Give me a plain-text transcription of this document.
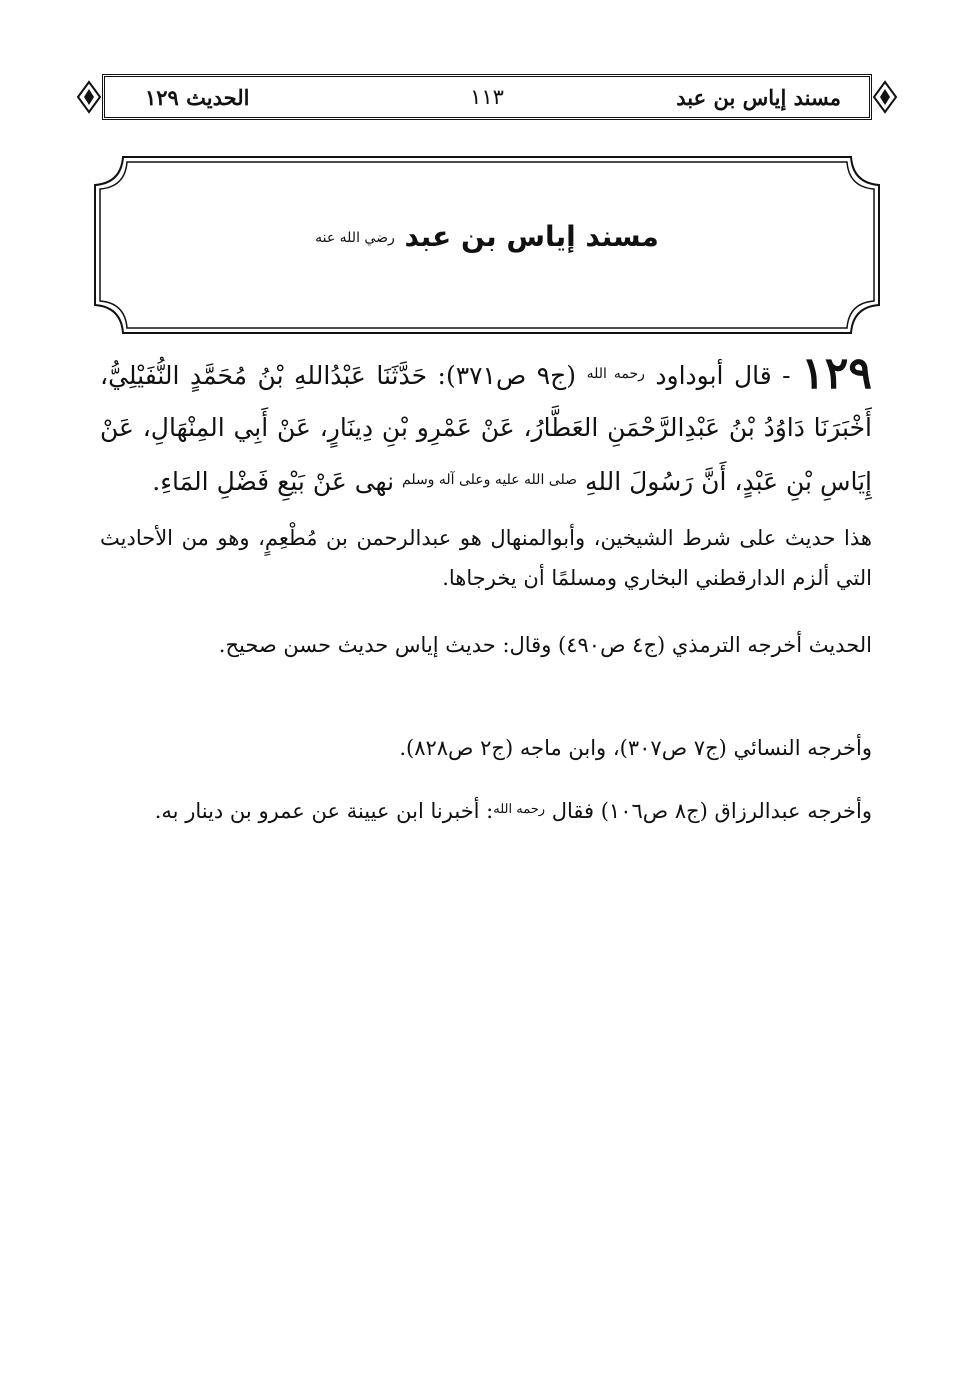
مسند إياس بن عبد
١١٣
الحديث ١٢٩
مسند إياس بن عبد رضي الله عنه
١٢٩ - قال أبوداود $^{رحمه الله}$ (ج٩ ص٣٧١): حَدَّثَنَا عَبْدُاللهِ بْنُ مُحَمَّدٍ النُّفَيْلِيُّ، أَخْبَرَنَا دَاوُدُ بْنُ عَبْدِالرَّحْمَنِ العَطَّارُ، عَنْ عَمْرِو بْنِ دِينَارٍ، عَنْ أَبِي المِنْهَالِ، عَنْ إِيَاسِ بْنِ عَبْدٍ، أَنَّ رَسُولَ اللهِ $^{صلى الله عليه وعلى آله وسلم}$ نهى عَنْ بَيْعِ فَضْلِ المَاءِ.

هذا حديث على شرط الشيخين، وأبوالمنهال هو عبدالرحمن بن مُطْعِمٍ، وهو من الأحاديث التي ألزم الدارقطني البخاري ومسلمًا أن يخرجاها.

الحديث أخرجه الترمذي (ج٤ ص٤٩٠) وقال: حديث إياس حديث حسن صحيح.

وأخرجه النسائي (ج٧ ص٣٠٧)، وابن ماجه (ج٢ ص٨٢٨).

وأخرجه عبدالرزاق (ج٨ ص١٠٦) فقال $^{رحمه الله}$: أخبرنا ابن عيينة عن عمرو بن دينار به.
